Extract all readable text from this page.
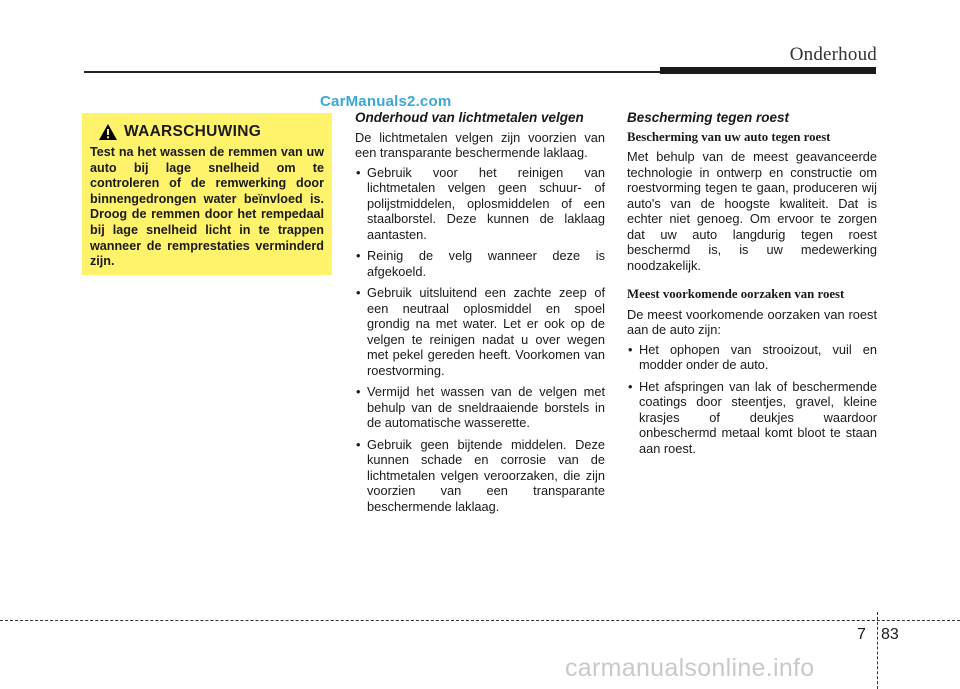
Onderhoud
CarManuals2.com
WAARSCHUWING
Test na het wassen de remmen van uw auto bij lage snelheid om te controleren of de remwerking door binnengedrongen water beïnvloed is. Droog de remmen door het rempedaal bij lage snelheid licht in te trappen wanneer de remprestaties verminderd zijn.
Onderhoud van lichtmetalen velgen
De lichtmetalen velgen zijn voorzien van een transparante beschermende laklaag.
• Gebruik voor het reinigen van lichtmetalen velgen geen schuur- of polijstmiddelen, oplosmiddelen of een staalborstel. Deze kunnen de laklaag aantasten.
• Reinig de velg wanneer deze is afgekoeld.
• Gebruik uitsluitend een zachte zeep of een neutraal oplosmiddel en spoel grondig na met water. Let er ook op de velgen te reinigen nadat u over wegen met pekel gereden heeft. Voorkomen van roestvorming.
• Vermijd het wassen van de velgen met behulp van de sneldraaiende borstels in de automatische wasserette.
• Gebruik geen bijtende middelen. Deze kunnen schade en corrosie van de lichtmetalen velgen veroorzaken, die zijn voorzien van een transparante beschermende laklaag.
Bescherming tegen roest
Bescherming van uw auto tegen roest
Met behulp van de meest geavanceerde technologie in ontwerp en constructie om roestvorming tegen te gaan, produceren wij auto's van de hoogste kwaliteit. Dat is echter niet genoeg. Om ervoor te zorgen dat uw auto langdurig tegen roest beschermd is, is uw medewerking noodzakelijk.
Meest voorkomende oorzaken van roest
De meest voorkomende oorzaken van roest aan de auto zijn:
• Het ophopen van strooizout, vuil en modder onder de auto.
• Het afspringen van lak of beschermende coatings door steentjes, gravel, kleine krasjes of deukjes waardoor onbeschermd metaal komt bloot te staan aan roest.
7 83
carmanualsonline.info
